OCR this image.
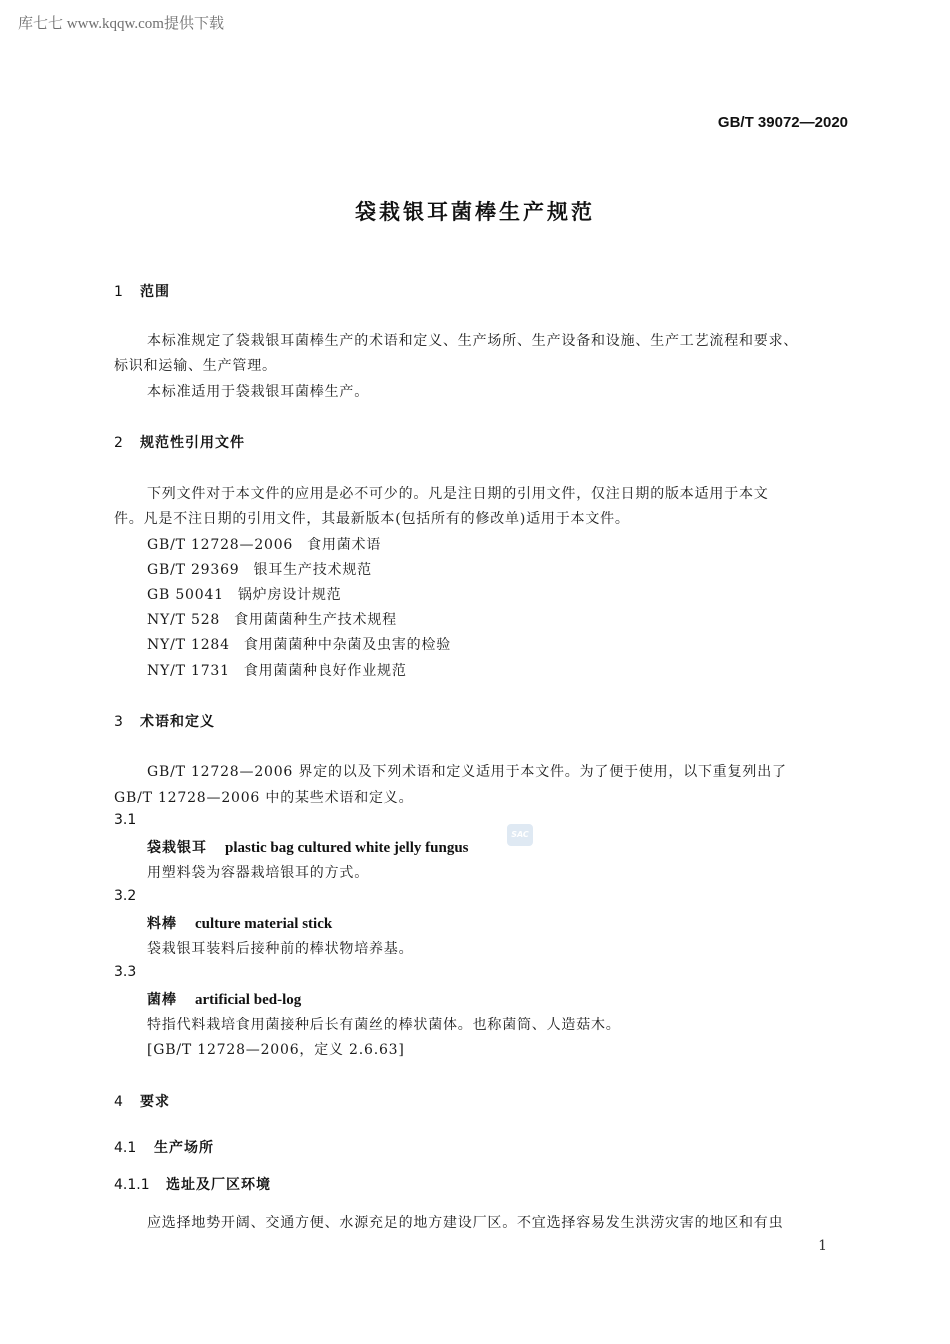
库七七 www.kqqw.com提供下载
GB/T 39072—2020
袋栽银耳菌棒生产规范
1 范围
本标准规定了袋栽银耳菌棒生产的术语和定义、生产场所、生产设备和设施、生产工艺流程和要求、
标识和运输、生产管理。
本标准适用于袋栽银耳菌棒生产。
2 规范性引用文件
下列文件对于本文件的应用是必不可少的。凡是注日期的引用文件，仅注日期的版本适用于本文
件。凡是不注日期的引用文件，其最新版本(包括所有的修改单)适用于本文件。
GB/T 12728—2006 食用菌术语
GB/T 29369 银耳生产技术规范
GB 50041 锅炉房设计规范
NY/T 528 食用菌菌种生产技术规程
NY/T 1284 食用菌菌种中杂菌及虫害的检验
NY/T 1731 食用菌菌种良好作业规范
3 术语和定义
GB/T 12728—2006 界定的以及下列术语和定义适用于本文件。为了便于使用，以下重复列出了
GB/T 12728—2006 中的某些术语和定义。
3.1
袋栽银耳 plastic bag cultured white jelly fungus
SAC
用塑料袋为容器栽培银耳的方式。
3.2
料棒 culture material stick
袋栽银耳装料后接种前的棒状物培养基。
3.3
菌棒 artificial bed-log
特指代料栽培食用菌接种后长有菌丝的棒状菌体。也称菌筒、人造菇木。
[GB/T 12728—2006，定义 2.6.63]
4 要求
4.1 生产场所
4.1.1 选址及厂区环境
应选择地势开阔、交通方便、水源充足的地方建设厂区。不宜选择容易发生洪涝灾害的地区和有虫
1
